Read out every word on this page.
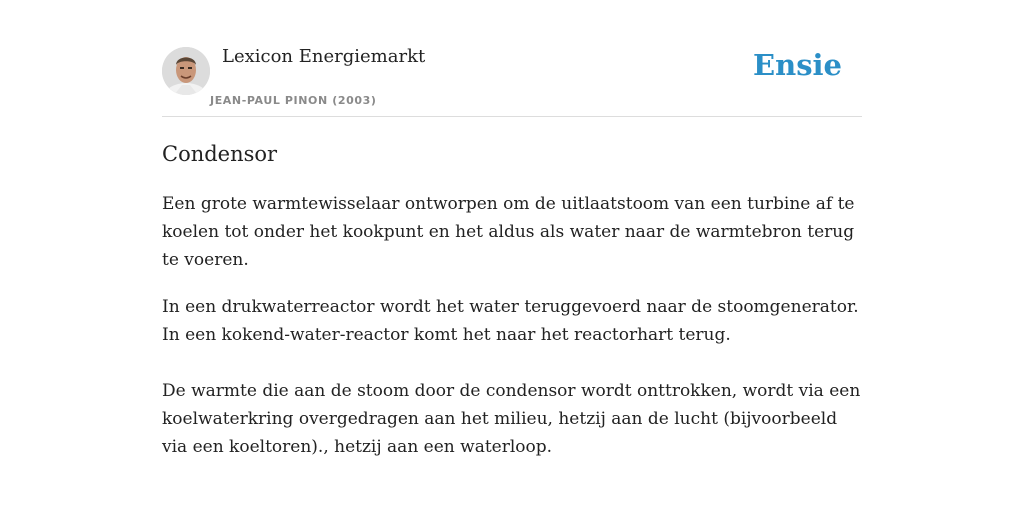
Lexicon Energiemarkt
JEAN-PAUL PINON (2003)
Ensie
Condensor

Een grote warmtewisselaar ontworpen om de uitlaatstoom van een turbine af te koelen tot onder het kookpunt en het aldus als water naar de warmtebron terug te voeren.

In een drukwaterreactor wordt het water teruggevoerd naar de stoomgenerator. In een kokend-water-reactor komt het naar het reactorhart terug.

De warmte die aan de stoom door de condensor wordt onttrokken, wordt via een koelwaterkring overgedragen aan het milieu, hetzij aan de lucht (bijvoorbeeld via een koeltoren)., hetzij aan een waterloop.
